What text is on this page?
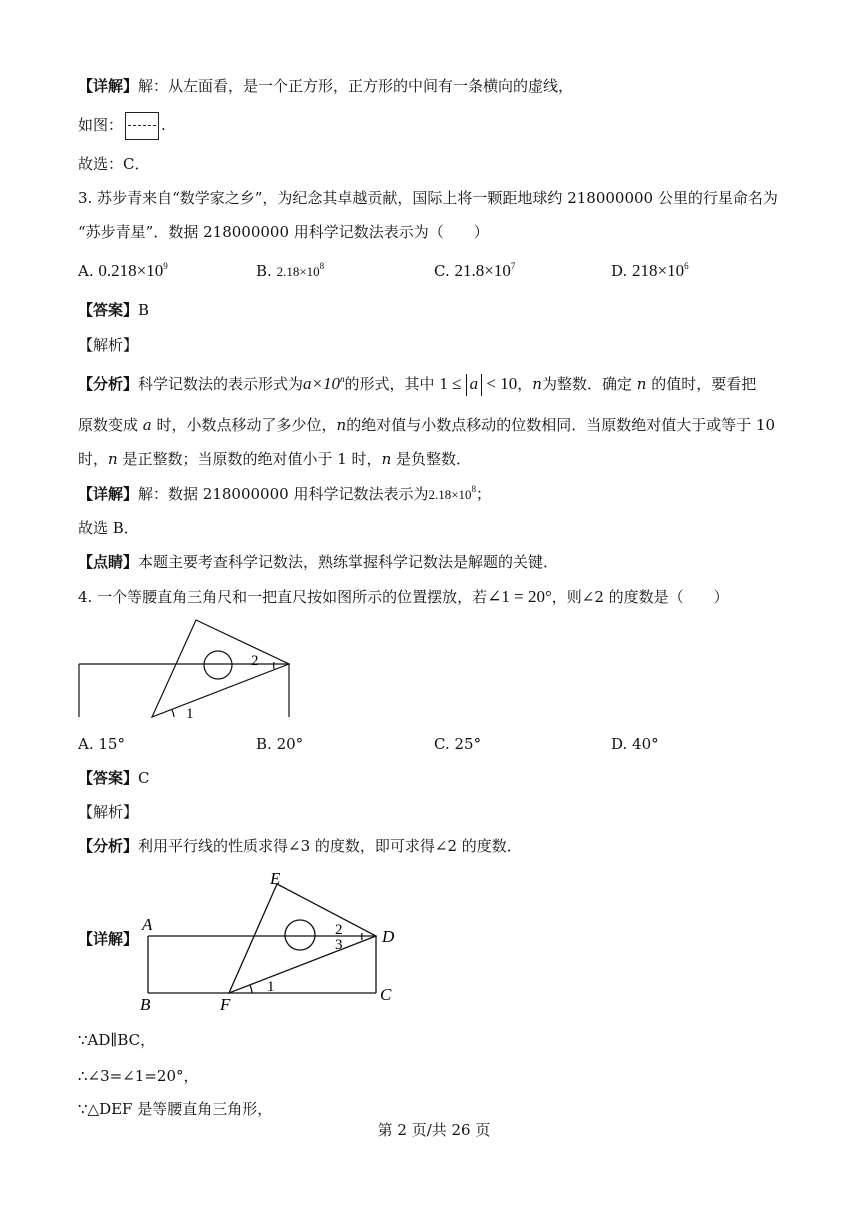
【详解】解：从左面看，是一个正方形，正方形的中间有一条横向的虚线，
如图：	.
故选：C．
3. 苏步青来自“数学家之乡”，为纪念其卓越贡献，国际上将一颗距地球约 218000000 公里的行星命名为
“苏步青星”．数据 218000000 用科学记数法表示为（　　）
A. $0.218\times 10^9$	B. $2.18\times 10^8$	C. $21.8\times 10^7$	D. $218\times 10^6$
【答案】B
【解析】
【分析】科学记数法的表示形式为$a\times 10^n$的形式，其中 1 ≤ a < 10，n为整数．确定 n 的值时，要看把
原数变成 a 时，小数点移动了多少位，n的绝对值与小数点移动的位数相同．当原数绝对值大于或等于 10
时，n 是正整数；当原数的绝对值小于 1 时，n 是负整数．
【详解】解：数据 218000000 用科学记数法表示为$2.18\times 10^8$；
故选 B．
【点睛】本题主要考查科学记数法，熟练掌握科学记数法是解题的关键．
4. 一个等腰直角三角尺和一把直尺按如图所示的位置摆放，若∠1 = 20°，则∠2 的度数是（　　）
1
2
A. 15°	B. 20°	C. 25°	D. 40°
【答案】C
【解析】
【分析】利用平行线的性质求得∠3 的度数，即可求得∠2 的度数．
【详解】
E
A
D
B	F
C
1
2
3
∵AD∥BC，
∴∠3=∠1=20°，
∵△DEF 是等腰直角三角形，
第 2 页/共 26 页
